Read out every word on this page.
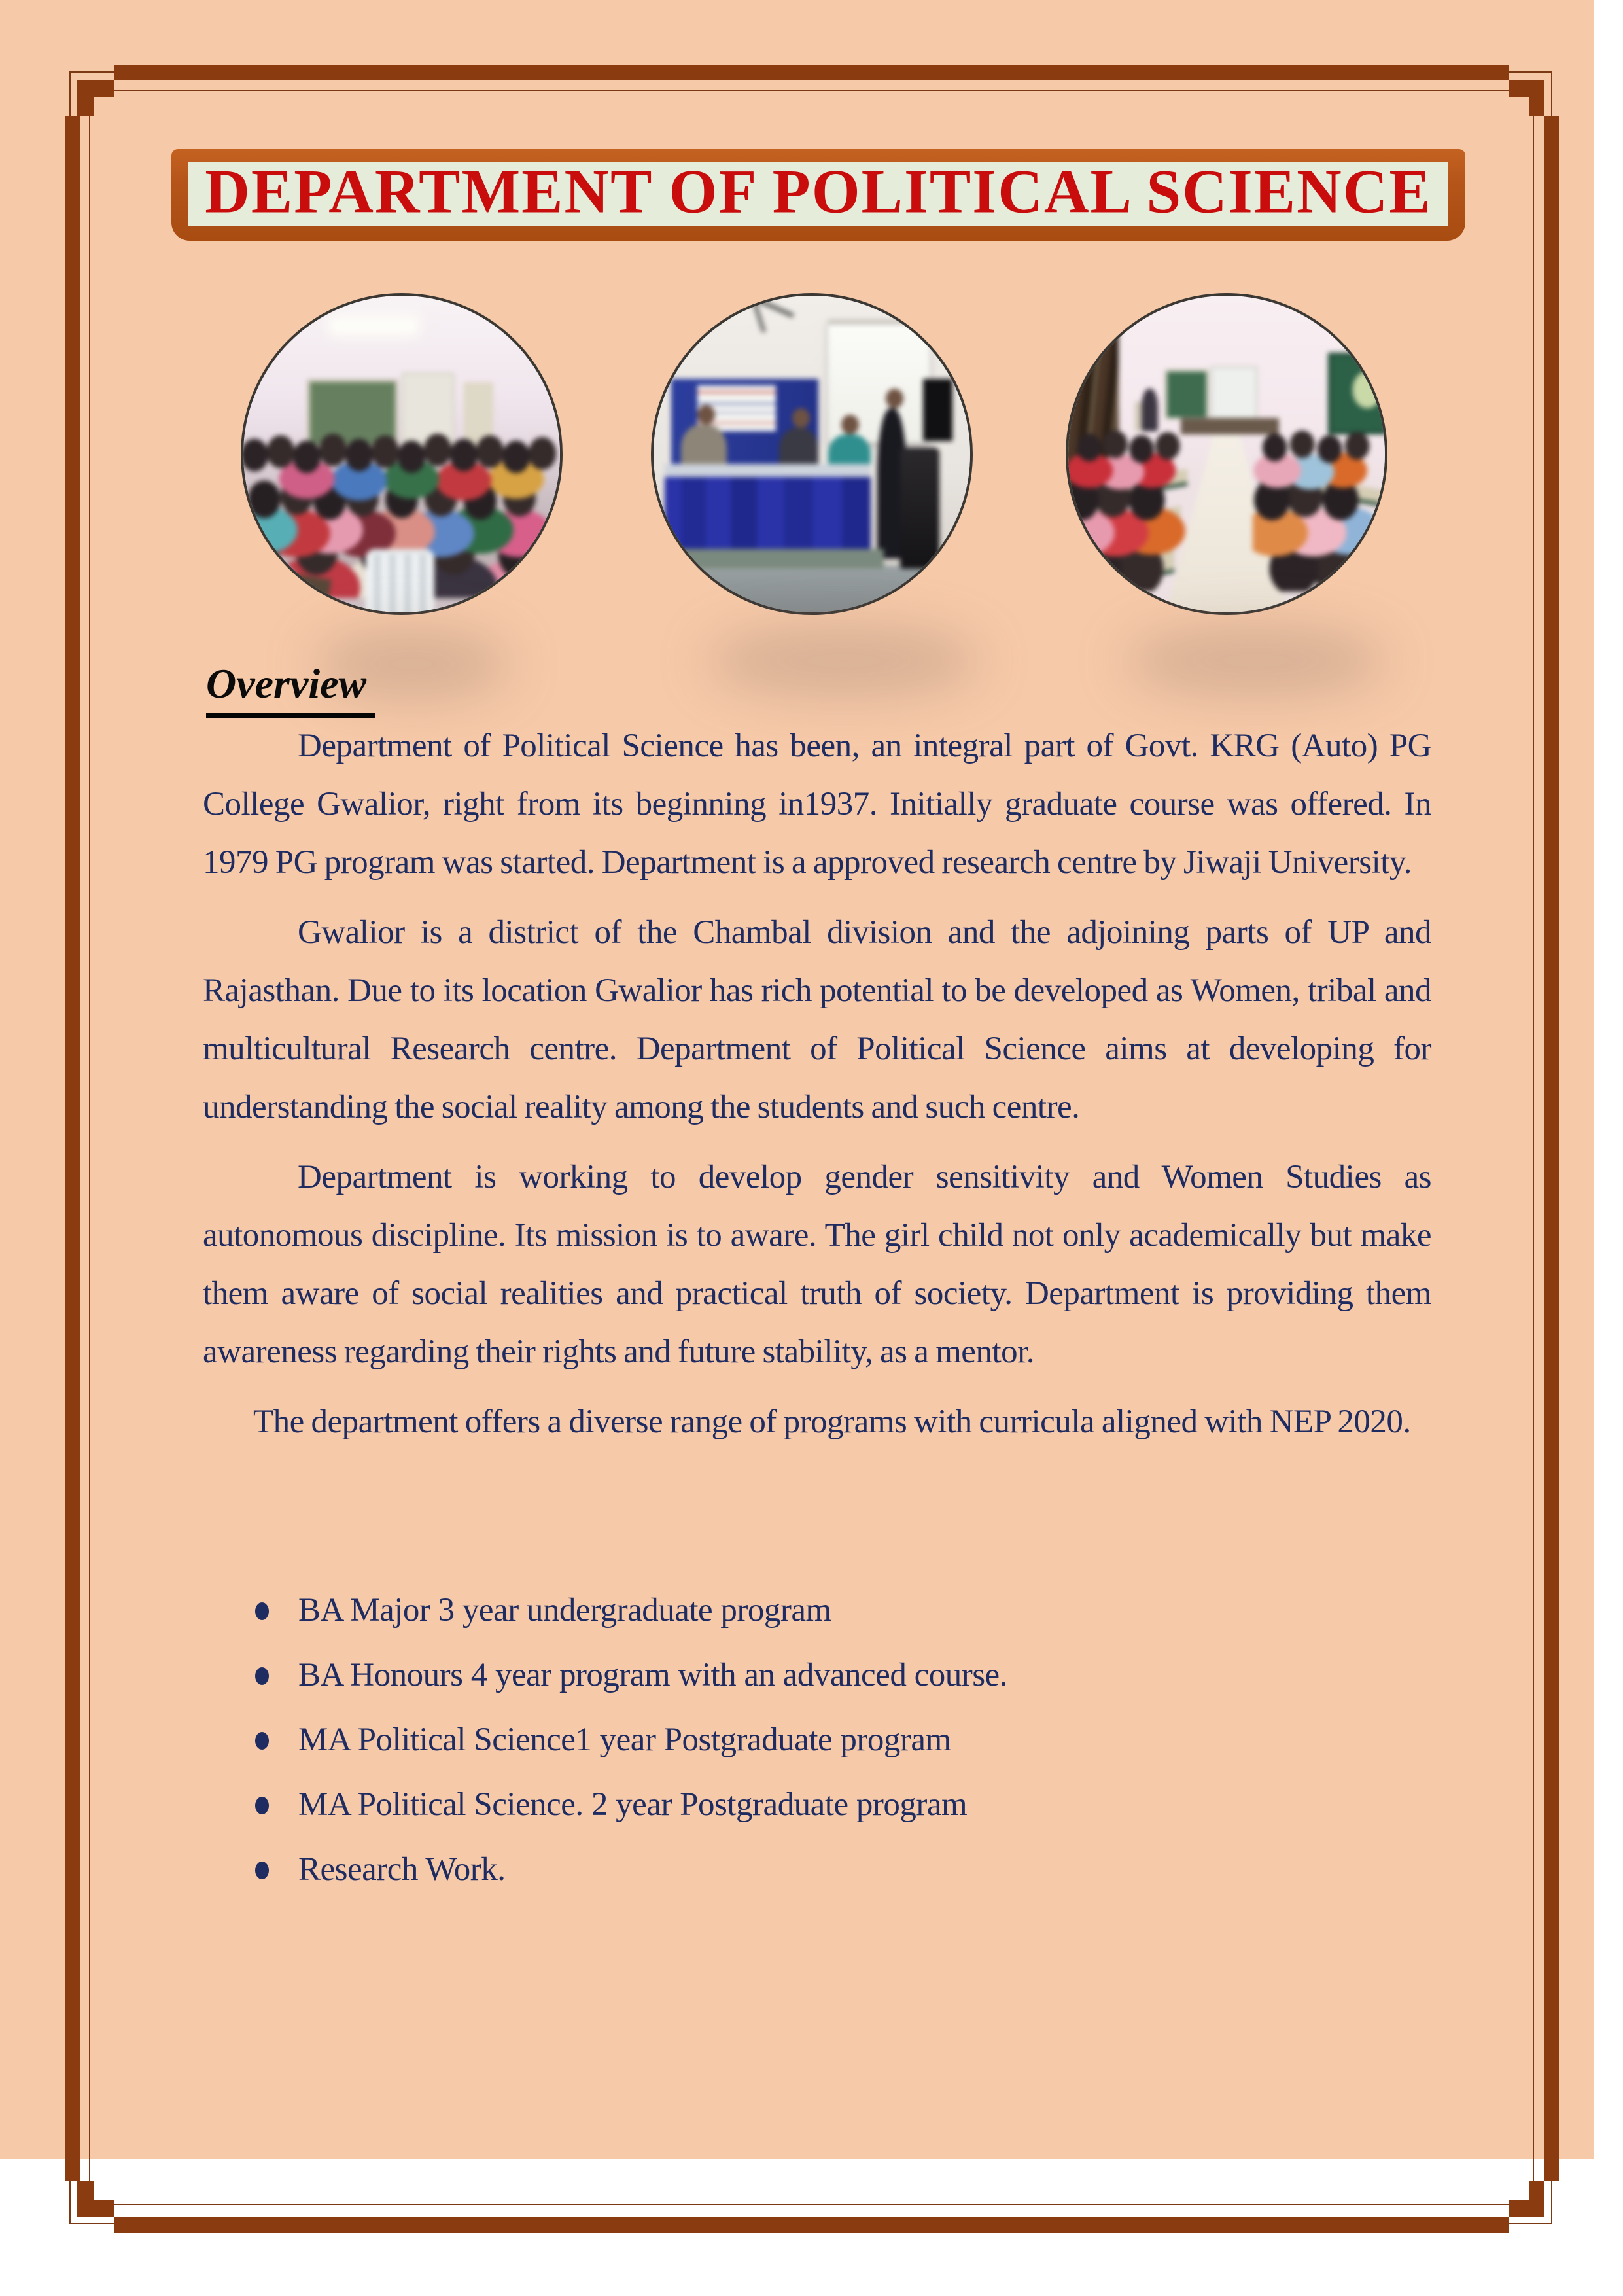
DEPARTMENT OF POLITICAL SCIENCE
Overview

Department of Political Science has been, an integral part of Govt. KRG (Auto) PG College Gwalior, right from its beginning in1937. Initially graduate course was offered. In 1979 PG program was started. Department is a approved research centre by Jiwaji University.

Gwalior is a district of the Chambal division and the adjoining parts of UP and Rajasthan. Due to its location Gwalior has rich potential to be developed as Women, tribal and multicultural Research centre. Department of Political Science aims at developing for understanding the social reality among the students and such centre.

Department is working to develop gender sensitivity and Women Studies as autonomous discipline. Its mission is to aware. The girl child not only academically but make them aware of social realities and practical truth of society. Department is providing them awareness regarding their rights and future stability, as a mentor.

The department offers a diverse range of programs with curricula aligned with NEP 2020.

BA Major 3 year undergraduate program
BA Honours 4 year program with an advanced course.
MA Political Science1 year Postgraduate program
MA Political Science. 2 year Postgraduate program
Research Work.
